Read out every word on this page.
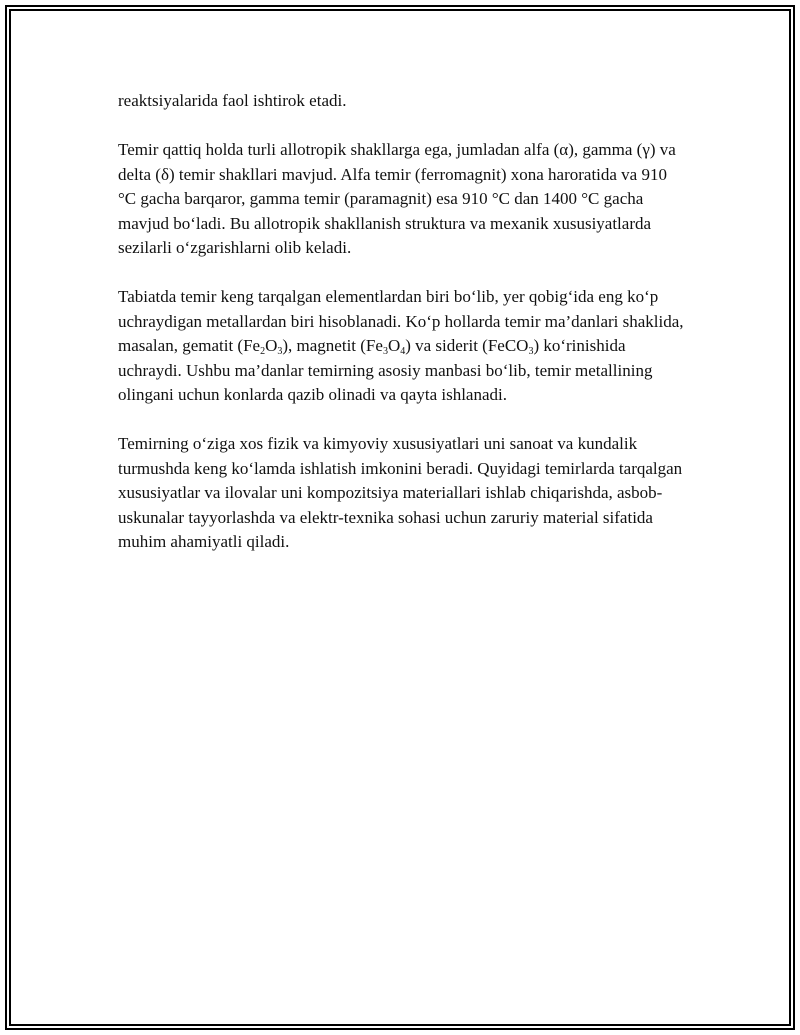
reaktsiyalarida faol ishtirok etadi.

Temir qattiq holda turli allotropik shakllarga ega, jumladan alfa (α), gamma (γ) va delta (δ) temir shakllari mavjud. Alfa temir (ferromagnit) xona haroratida va 910 °C gacha barqaror, gamma temir (paramagnit) esa 910 °C dan 1400 °C gacha mavjud bo‘ladi. Bu allotropik shakllanish struktura va mexanik xususiyatlarda sezilarli o‘zgarishlarni olib keladi.

Tabiatda temir keng tarqalgan elementlardan biri bo‘lib, yer qobig‘ida eng ko‘p uchraydigan metallardan biri hisoblanadi. Ko‘p hollarda temir ma’danlari shaklida, masalan, gematit $(Fe_2O_3)$, magnetit $(Fe_3O_4)$ va siderit (FeCO$_3$) ko‘rinishida uchraydi. Ushbu ma’danlar temirning asosiy manbasi bo‘lib, temir metallining olingani uchun konlarda qazib olinadi va qayta ishlanadi.

Temirning o‘ziga xos fizik va kimyoviy xususiyatlari uni sanoat va kundalik turmushda keng ko‘lamda ishlatish imkonini beradi. Quyidagi temirlarda tarqalgan xususiyatlar va ilovalar uni kompozitsiya materiallari ishlab chiqarishda, asbob-uskunalar tayyorlashda va elektr-texnika sohasi uchun zaruriy material sifatida muhim ahamiyatli qiladi.
